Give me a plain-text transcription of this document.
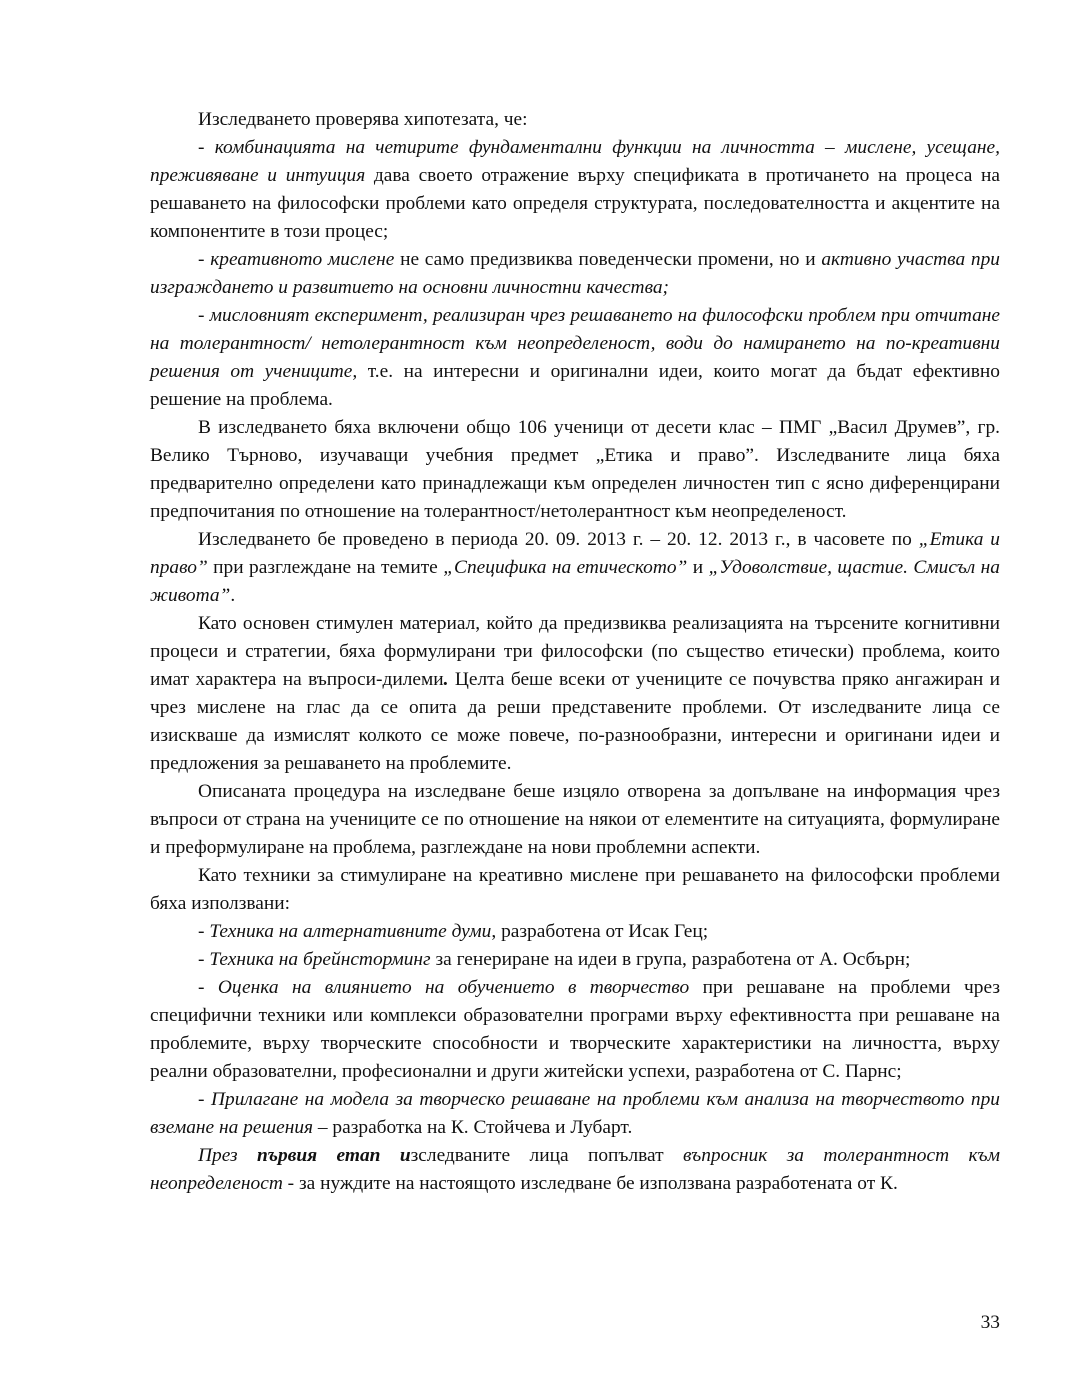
Изследването проверява хипотезата, че:

- комбинацията на четирите фундаментални функции на личността – мислене, усещане, преживяване и интуиция дава своето отражение върху спецификата в протичането на процеса на решаването на философски проблеми като определя структурата, последователността и акцентите на компонентите в този процес;

- креативното мислене не само предизвиква поведенчески промени, но и активно участва при изграждането и развитието на основни личностни качества;

- мисловният експеримент, реализиран чрез решаването на философски проблем при отчитане на толерантност/ нетолерантност към неопределеност, води до намирането на по-креативни решения от учениците, т.е. на интересни и оригинални идеи, които могат да бъдат ефективно решение на проблема.

В изследването бяха включени общо 106 ученици от десети клас – ПМГ „Васил Друмев”, гр. Велико Търново, изучаващи учебния предмет „Етика и право”. Изследваните лица бяха предварително определени като принадлежащи към определен личностен тип с ясно диференцирани предпочитания по отношение на толерантност/нетолерантност към неопределеност.

Изследването бе проведено в периода 20. 09. 2013 г. – 20. 12. 2013 г., в часовете по „Етика и право” при разглеждане на темите „Специфика на етическото” и „Удоволствие, щастие. Смисъл на живота”.

Като основен стимулен материал, който да предизвиква реализацията на търсените когнитивни процеси и стратегии, бяха формулирани три философски (по същество етически) проблема, които имат характера на въпроси-дилеми. Целта беше всеки от учениците се почувства пряко ангажиран и чрез мислене на глас да се опита да реши представените проблеми. От изследваните лица се изискваше да измислят колкото се може повече, по-разнообразни, интересни и оригинани идеи и предложения за решаването на проблемите.

Описаната процедура на изследване беше изцяло отворена за допълване на информация чрез въпроси от страна на учениците се по отношение на някои от елементите на ситуацията, формулиране и преформулиране на проблема, разглеждане на нови проблемни аспекти.

Като техники за стимулиране на креативно мислене при решаването на философски проблеми бяха използвани:

- Техника на алтернативните думи, разработена от Исак Гец;

- Техника на брейнсторминг за генериране на идеи в група, разработена от А. Осбърн;

- Оценка на влиянието на обучението в творчество при решаване на проблеми чрез специфични техники или комплекси образователни програми върху ефективността при решаване на проблемите, върху творческите способности и творческите характеристики на личността, върху реални образователни, професионални и други житейски успехи, разработена от С. Парнс;

- Прилагане на модела за творческо решаване на проблеми към анализа на творчеството при вземане на решения – разработка на К. Стойчева и Лубарт.

През първия етап изследваните лица попълват въпросник за толерантност към неопределеност - за нуждите на настоящото изследване бе използвана разработената от К.

33
